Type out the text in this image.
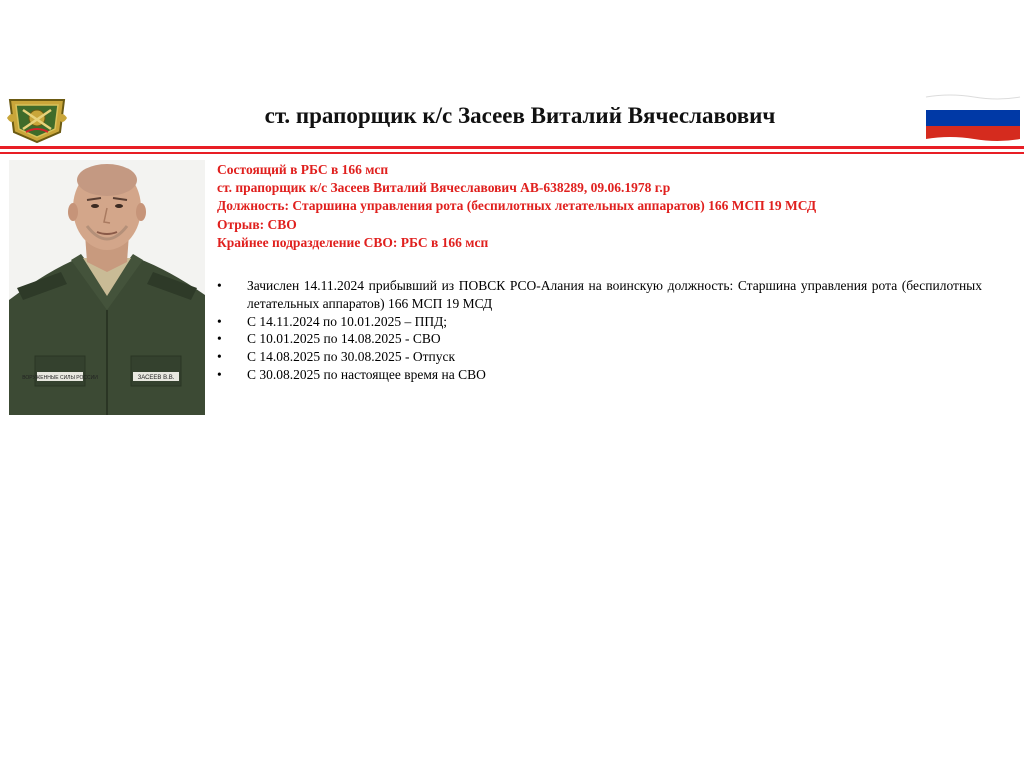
ст. прапорщик к/с Засеев Виталий Вячеславович
ВОРУЖЕННЫЕ СИЛЫ РОССИИ	ЗАСЕЕВ В.В.
Состоящий в РБС в 166 мсп
ст. прапорщик к/с Засеев Виталий Вячеславович АВ-638289, 09.06.1978 г.р
Должность: Старшина управления рота (беспилотных летательных аппаратов) 166 МСП 19 МСД
Отрыв: СВО
Крайнее подразделение СВО: РБС в 166 мсп
• Зачислен 14.11.2024 прибывший из ПОВСК РСО-Алания на воинскую должность: Старшина управления рота (беспилотных летательных аппаратов) 166 МСП 19 МСД
• С 14.11.2024 по 10.01.2025 – ППД;
• С 10.01.2025 по 14.08.2025 - СВО
• С 14.08.2025 по 30.08.2025 - Отпуск
• С 30.08.2025 по настоящее время на СВО
